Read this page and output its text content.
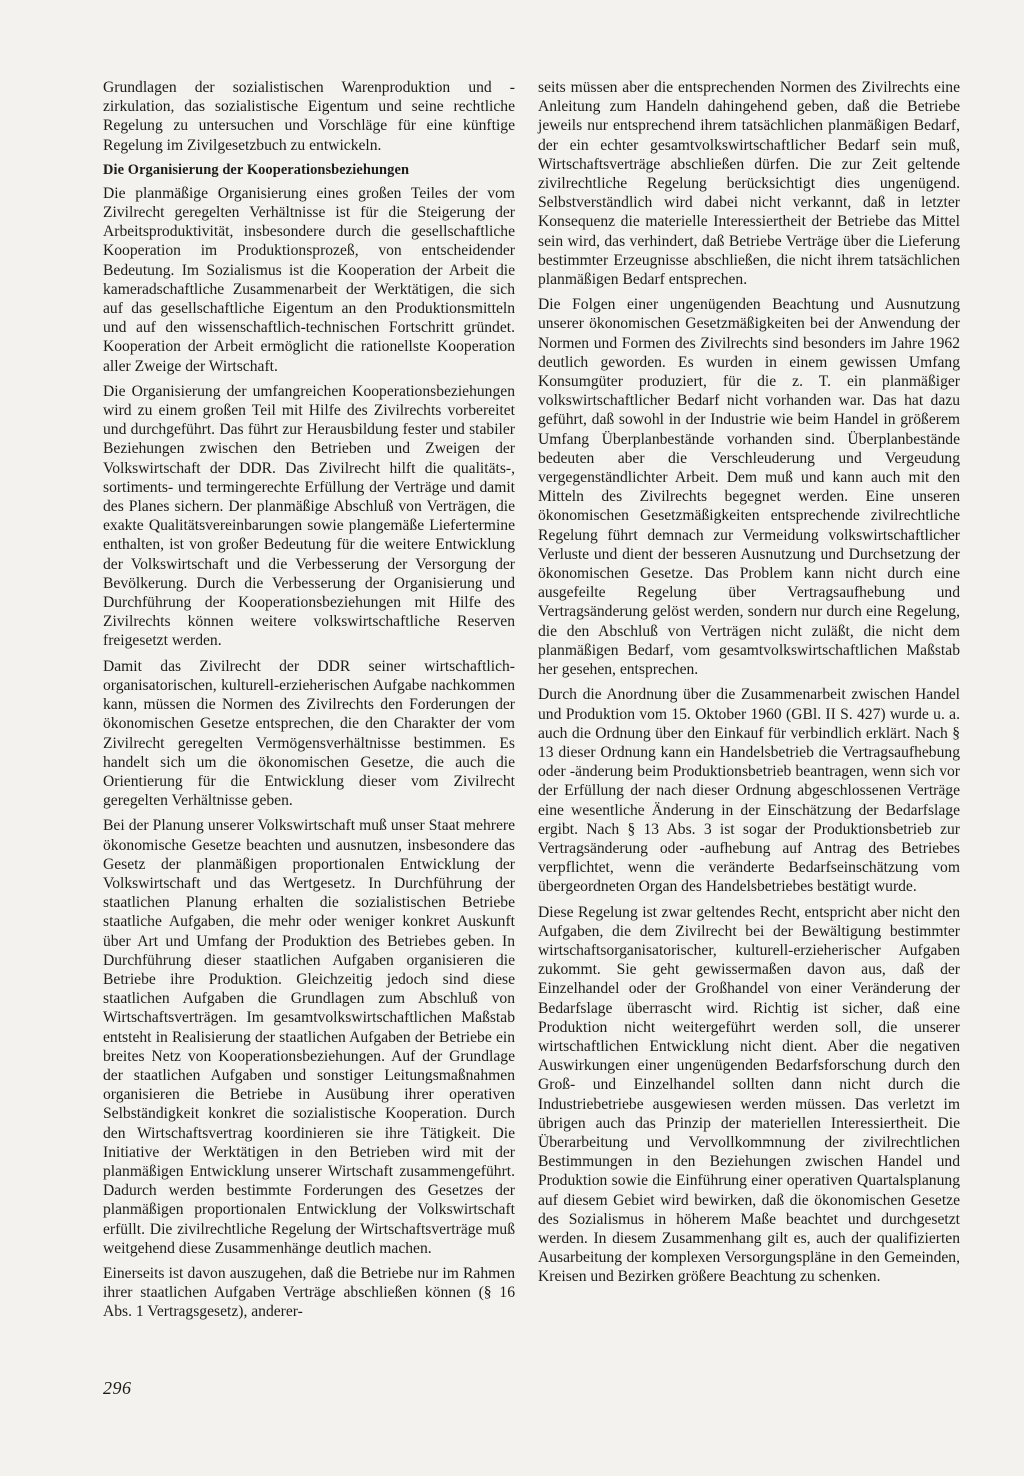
Grundlagen der sozialistischen Warenproduktion und -zirkulation, das sozialistische Eigentum und seine rechtliche Regelung zu untersuchen und Vorschläge für eine künftige Regelung im Zivilgesetzbuch zu entwickeln.

Die Organisierung der Kooperationsbeziehungen

Die planmäßige Organisierung eines großen Teiles der vom Zivilrecht geregelten Verhältnisse ist für die Steigerung der Arbeitsproduktivität, insbesondere durch die gesellschaftliche Kooperation im Produktionsprozeß, von entscheidender Bedeutung. Im Sozialismus ist die Kooperation der Arbeit die kameradschaftliche Zusammenarbeit der Werktätigen, die sich auf das gesellschaftliche Eigentum an den Produktionsmitteln und auf den wissenschaftlich-technischen Fortschritt gründet. Kooperation der Arbeit ermöglicht die rationellste Kooperation aller Zweige der Wirtschaft.

Die Organisierung der umfangreichen Kooperationsbeziehungen wird zu einem großen Teil mit Hilfe des Zivilrechts vorbereitet und durchgeführt. Das führt zur Herausbildung fester und stabiler Beziehungen zwischen den Betrieben und Zweigen der Volkswirtschaft der DDR. Das Zivilrecht hilft die qualitäts-, sortiments- und termingerechte Erfüllung der Verträge und damit des Planes sichern. Der planmäßige Abschluß von Verträgen, die exakte Qualitätsvereinbarungen sowie plangemäße Liefertermine enthalten, ist von großer Bedeutung für die weitere Entwicklung der Volkswirtschaft und die Verbesserung der Versorgung der Bevölkerung. Durch die Verbesserung der Organisierung und Durchführung der Kooperationsbeziehungen mit Hilfe des Zivilrechts können weitere volkswirtschaftliche Reserven freigesetzt werden.

Damit das Zivilrecht der DDR seiner wirtschaftlich-organisatorischen, kulturell-erzieherischen Aufgabe nachkommen kann, müssen die Normen des Zivilrechts den Forderungen der ökonomischen Gesetze entsprechen, die den Charakter der vom Zivilrecht geregelten Vermögensverhältnisse bestimmen. Es handelt sich um die ökonomischen Gesetze, die auch die Orientierung für die Entwicklung dieser vom Zivilrecht geregelten Verhältnisse geben.

Bei der Planung unserer Volkswirtschaft muß unser Staat mehrere ökonomische Gesetze beachten und ausnutzen, insbesondere das Gesetz der planmäßigen proportionalen Entwicklung der Volkswirtschaft und das Wertgesetz. In Durchführung der staatlichen Planung erhalten die sozialistischen Betriebe staatliche Aufgaben, die mehr oder weniger konkret Auskunft über Art und Umfang der Produktion des Betriebes geben. In Durchführung dieser staatlichen Aufgaben organisieren die Betriebe ihre Produktion. Gleichzeitig jedoch sind diese staatlichen Aufgaben die Grundlagen zum Abschluß von Wirtschaftsverträgen. Im gesamtvolkswirtschaftlichen Maßstab entsteht in Realisierung der staatlichen Aufgaben der Betriebe ein breites Netz von Kooperationsbeziehungen. Auf der Grundlage der staatlichen Aufgaben und sonstiger Leitungsmaßnahmen organisieren die Betriebe in Ausübung ihrer operativen Selbständigkeit konkret die sozialistische Kooperation. Durch den Wirtschaftsvertrag koordinieren sie ihre Tätigkeit. Die Initiative der Werktätigen in den Betrieben wird mit der planmäßigen Entwicklung unserer Wirtschaft zusammengeführt. Dadurch werden bestimmte Forderungen des Gesetzes der planmäßigen proportionalen Entwicklung der Volkswirtschaft erfüllt. Die zivilrechtliche Regelung der Wirtschaftsverträge muß weitgehend diese Zusammenhänge deutlich machen.

Einerseits ist davon auszugehen, daß die Betriebe nur im Rahmen ihrer staatlichen Aufgaben Verträge abschließen können (§ 16 Abs. 1 Vertragsgesetz), anderer-

seits müssen aber die entsprechenden Normen des Zivilrechts eine Anleitung zum Handeln dahingehend geben, daß die Betriebe jeweils nur entsprechend ihrem tatsächlichen planmäßigen Bedarf, der ein echter gesamtvolkswirtschaftlicher Bedarf sein muß, Wirtschaftsverträge abschließen dürfen. Die zur Zeit geltende zivilrechtliche Regelung berücksichtigt dies ungenügend. Selbstverständlich wird dabei nicht verkannt, daß in letzter Konsequenz die materielle Interessiertheit der Betriebe das Mittel sein wird, das verhindert, daß Betriebe Verträge über die Lieferung bestimmter Erzeugnisse abschließen, die nicht ihrem tatsächlichen planmäßigen Bedarf entsprechen.

Die Folgen einer ungenügenden Beachtung und Ausnutzung unserer ökonomischen Gesetzmäßigkeiten bei der Anwendung der Normen und Formen des Zivilrechts sind besonders im Jahre 1962 deutlich geworden. Es wurden in einem gewissen Umfang Konsumgüter produziert, für die z. T. ein planmäßiger volkswirtschaftlicher Bedarf nicht vorhanden war. Das hat dazu geführt, daß sowohl in der Industrie wie beim Handel in größerem Umfang Überplanbestände vorhanden sind. Überplanbestände bedeuten aber die Verschleuderung und Vergeudung vergegenständlichter Arbeit. Dem muß und kann auch mit den Mitteln des Zivilrechts begegnet werden. Eine unseren ökonomischen Gesetzmäßigkeiten entsprechende zivilrechtliche Regelung führt demnach zur Vermeidung volkswirtschaftlicher Verluste und dient der besseren Ausnutzung und Durchsetzung der ökonomischen Gesetze. Das Problem kann nicht durch eine ausgefeilte Regelung über Vertragsaufhebung und Vertragsänderung gelöst werden, sondern nur durch eine Regelung, die den Abschluß von Verträgen nicht zuläßt, die nicht dem planmäßigen Bedarf, vom gesamtvolkswirtschaftlichen Maßstab her gesehen, entsprechen.

Durch die Anordnung über die Zusammenarbeit zwischen Handel und Produktion vom 15. Oktober 1960 (GBl. II S. 427) wurde u. a. auch die Ordnung über den Einkauf für verbindlich erklärt. Nach § 13 dieser Ordnung kann ein Handelsbetrieb die Vertragsaufhebung oder -änderung beim Produktionsbetrieb beantragen, wenn sich vor der Erfüllung der nach dieser Ordnung abgeschlossenen Verträge eine wesentliche Änderung in der Einschätzung der Bedarfslage ergibt. Nach § 13 Abs. 3 ist sogar der Produktionsbetrieb zur Vertragsänderung oder -aufhebung auf Antrag des Betriebes verpflichtet, wenn die veränderte Bedarfseinschätzung vom übergeordneten Organ des Handelsbetriebes bestätigt wurde.

Diese Regelung ist zwar geltendes Recht, entspricht aber nicht den Aufgaben, die dem Zivilrecht bei der Bewältigung bestimmter wirtschaftsorganisatorischer, kulturell-erzieherischer Aufgaben zukommt. Sie geht gewissermaßen davon aus, daß der Einzelhandel oder der Großhandel von einer Veränderung der Bedarfslage überrascht wird. Richtig ist sicher, daß eine Produktion nicht weitergeführt werden soll, die unserer wirtschaftlichen Entwicklung nicht dient. Aber die negativen Auswirkungen einer ungenügenden Bedarfsforschung durch den Groß- und Einzelhandel sollten dann nicht durch die Industriebetriebe ausgewiesen werden müssen. Das verletzt im übrigen auch das Prinzip der materiellen Interessiertheit. Die Überarbeitung und Vervollkommnung der zivilrechtlichen Bestimmungen in den Beziehungen zwischen Handel und Produktion sowie die Einführung einer operativen Quartalsplanung auf diesem Gebiet wird bewirken, daß die ökonomischen Gesetze des Sozialismus in höherem Maße beachtet und durchgesetzt werden. In diesem Zusammenhang gilt es, auch der qualifizierten Ausarbeitung der komplexen Versorgungspläne in den Gemeinden, Kreisen und Bezirken größere Beachtung zu schenken.

296
